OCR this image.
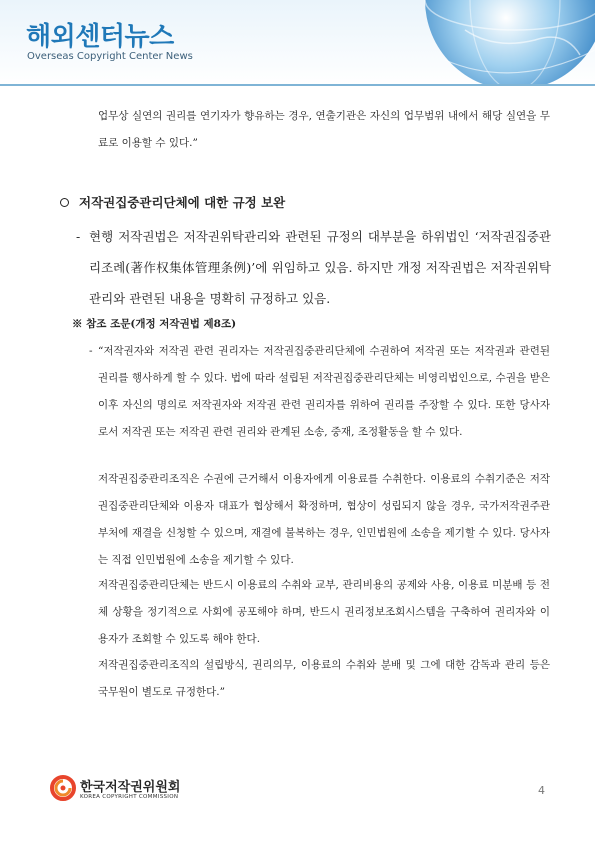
해외센터뉴스
Overseas Copyright Center News

업무상 실연의 권리를 연기자가 향유하는 경우, 연출기관은 자신의 업무범위 내에서 해당 실연을 무료로 이용할 수 있다.”

저작권집중관리단체에 대한 규정 보완
- 현행 저작권법은 저작권위탁관리와 관련된 규정의 대부분을 하위법인 ‘저작권집중관리조례(著作权集体管理条例)’에 위임하고 있음. 하지만 개정 저작권법은 저작권위탁관리와 관련된 내용을 명확히 규정하고 있음.

※ 참조 조문(개정 저작권법 제8조)
- “저작권자와 저작권 관련 권리자는 저작권집중관리단체에 수권하여 저작권 또는 저작권과 관련된 권리를 행사하게 할 수 있다. 법에 따라 설립된 저작권집중관리단체는 비영리법인으로, 수권을 받은 이후 자신의 명의로 저작권자와 저작권 관련 권리자를 위하여 권리를 주장할 수 있다. 또한 당사자로서 저작권 또는 저작권 관련 권리와 관계된 소송, 중재, 조정활동을 할 수 있다.

저작권집중관리조직은 수권에 근거해서 이용자에게 이용료를 수취한다. 이용료의 수취기준은 저작권집중관리단체와 이용자 대표가 협상해서 확정하며, 협상이 성립되지 않을 경우, 국가저작권주관부처에 재결을 신청할 수 있으며, 재결에 불복하는 경우, 인민법원에 소송을 제기할 수 있다. 당사자는 직접 인민법원에 소송을 제기할 수 있다.

저작권집중관리단체는 반드시 이용료의 수취와 교부, 관리비용의 공제와 사용, 이용료 미분배 등 전체 상황을 정기적으로 사회에 공포해야 하며, 반드시 권리정보조회시스템을 구축하여 권리자와 이용자가 조회할 수 있도록 해야 한다.

저작권집중관리조직의 설립방식, 권리의무, 이용료의 수취와 분배 및 그에 대한 감독과 관리 등은 국무원이 별도로 규정한다.”

한국저작권위원회
KOREA COPYRIGHT COMMISSION	4
